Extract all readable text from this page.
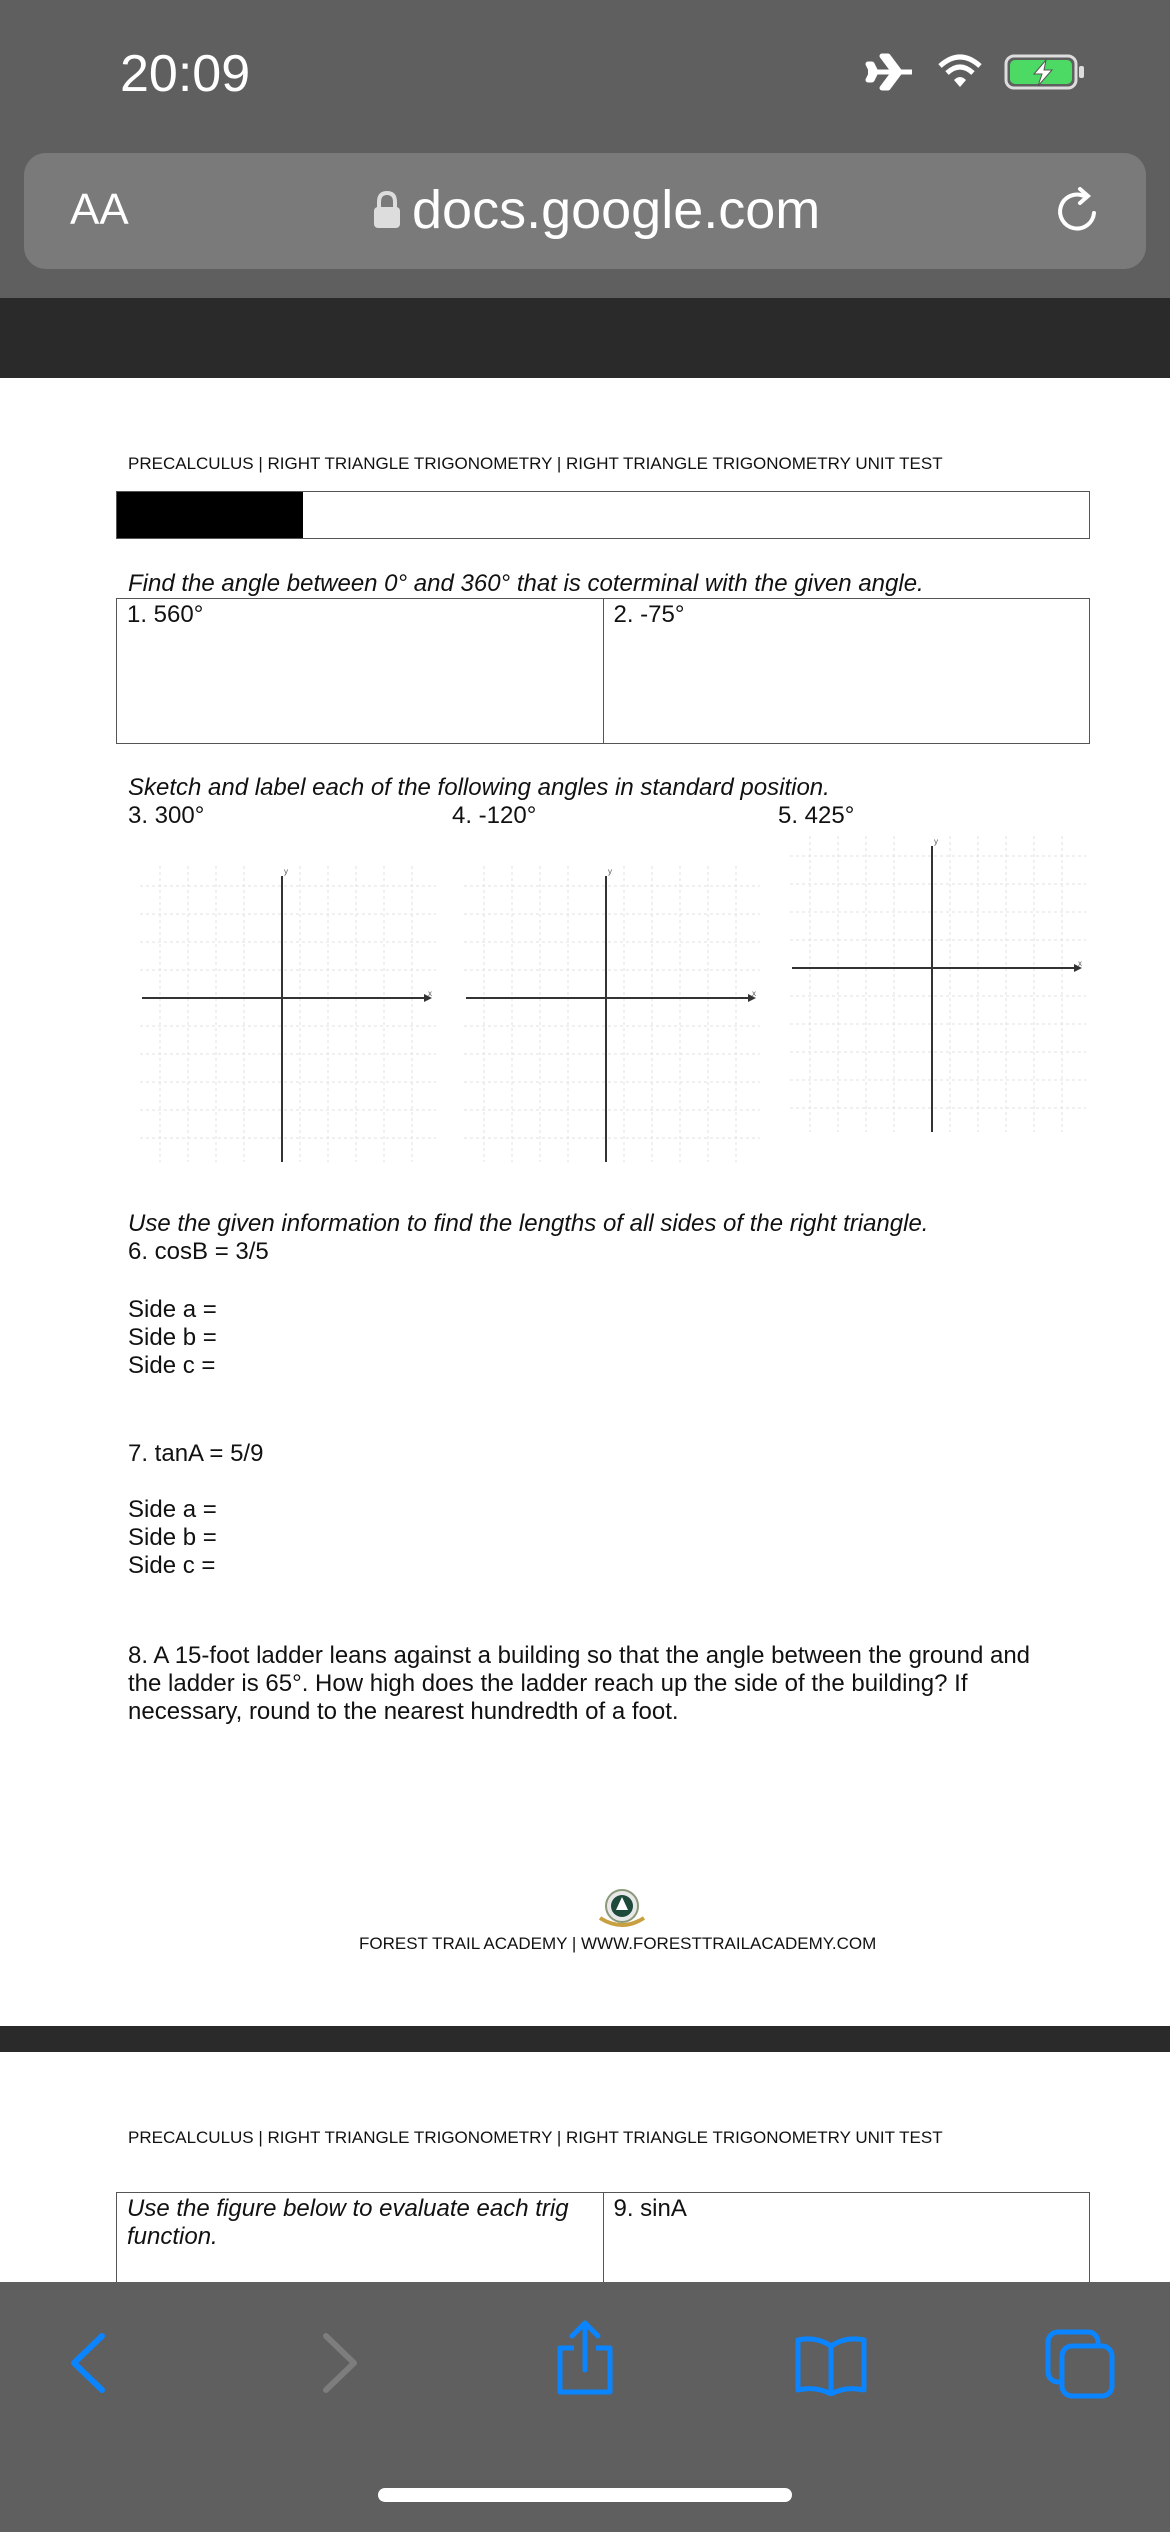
20:09
AA	docs.google.com
PRECALCULUS | RIGHT TRIANGLE TRIGONOMETRY | RIGHT TRIANGLE TRIGONOMETRY UNIT TEST
Find the angle between 0° and 360° that is coterminal with the given angle.
1. 560°	2. -75°
Sketch and label each of the following angles in standard position.
3. 300°	4. -120°	5. 425°
y
x
y
x
y
x
Use the given information to find the lengths of all sides of the right triangle.
6. cosB = 3/5
Side a =
Side b =
Side c =
7. tanA = 5/9
Side a =
Side b =
Side c =
8. A 15-foot ladder leans against a building so that the angle between the ground and
the ladder is 65°. How high does the ladder reach up the side of the building? If
necessary, round to the nearest hundredth of a foot.
FOREST TRAIL ACADEMY | WWW.FORESTTRAILACADEMY.COM
PRECALCULUS | RIGHT TRIANGLE TRIGONOMETRY | RIGHT TRIANGLE TRIGONOMETRY UNIT TEST
Use the figure below to evaluate each trig function.
9. sinA
